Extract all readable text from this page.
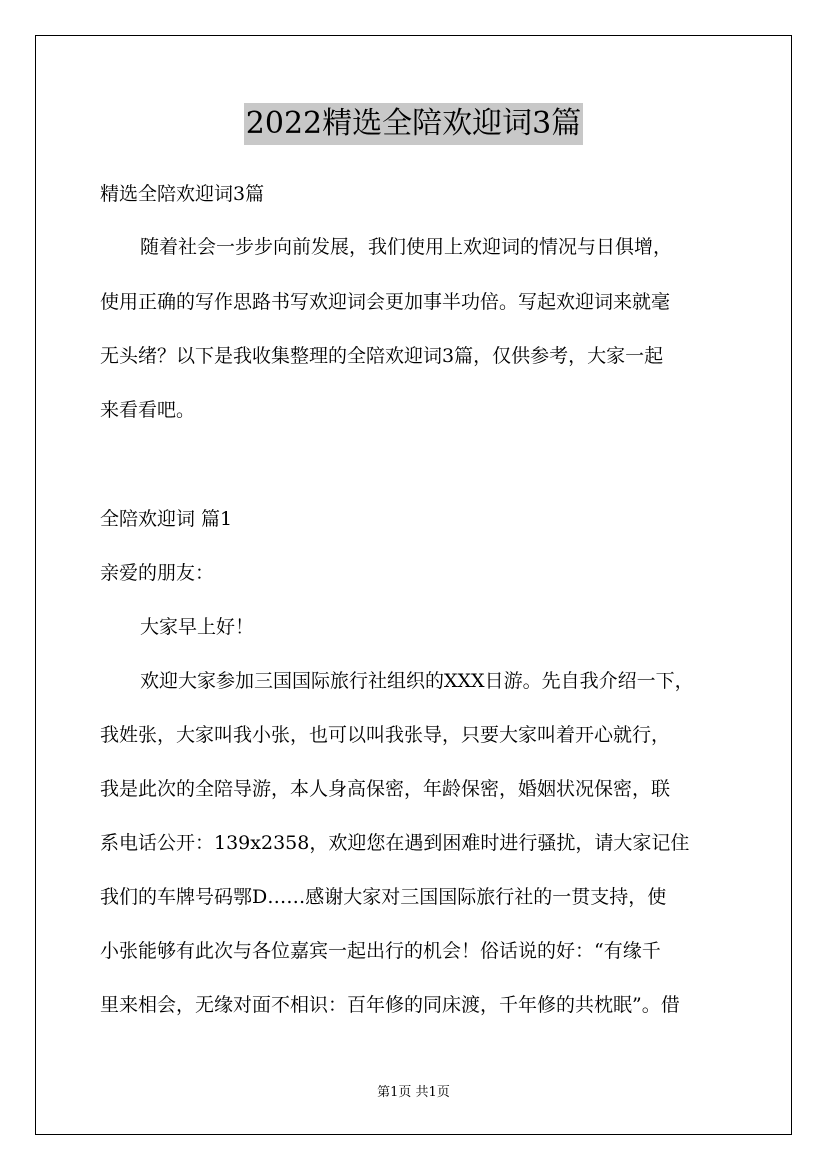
2022精选全陪欢迎词3篇
精选全陪欢迎词3篇
随着社会一步步向前发展，我们使用上欢迎词的情况与日俱增，
使用正确的写作思路书写欢迎词会更加事半功倍。写起欢迎词来就毫
无头绪？以下是我收集整理的全陪欢迎词3篇，仅供参考，大家一起
来看看吧。
全陪欢迎词 篇1
亲爱的朋友：
大家早上好！
欢迎大家参加三国国际旅行社组织的XXX日游。先自我介绍一下，
我姓张，大家叫我小张，也可以叫我张导，只要大家叫着开心就行，
我是此次的全陪导游，本人身高保密，年龄保密，婚姻状况保密，联
系电话公开：139x2358，欢迎您在遇到困难时进行骚扰，请大家记住
我们的车牌号码鄂D……感谢大家对三国国际旅行社的一贯支持，使
小张能够有此次与各位嘉宾一起出行的机会！俗话说的好：“有缘千
里来相会，无缘对面不相识：百年修的同床渡，千年修的共枕眠”。借
第1页 共1页
